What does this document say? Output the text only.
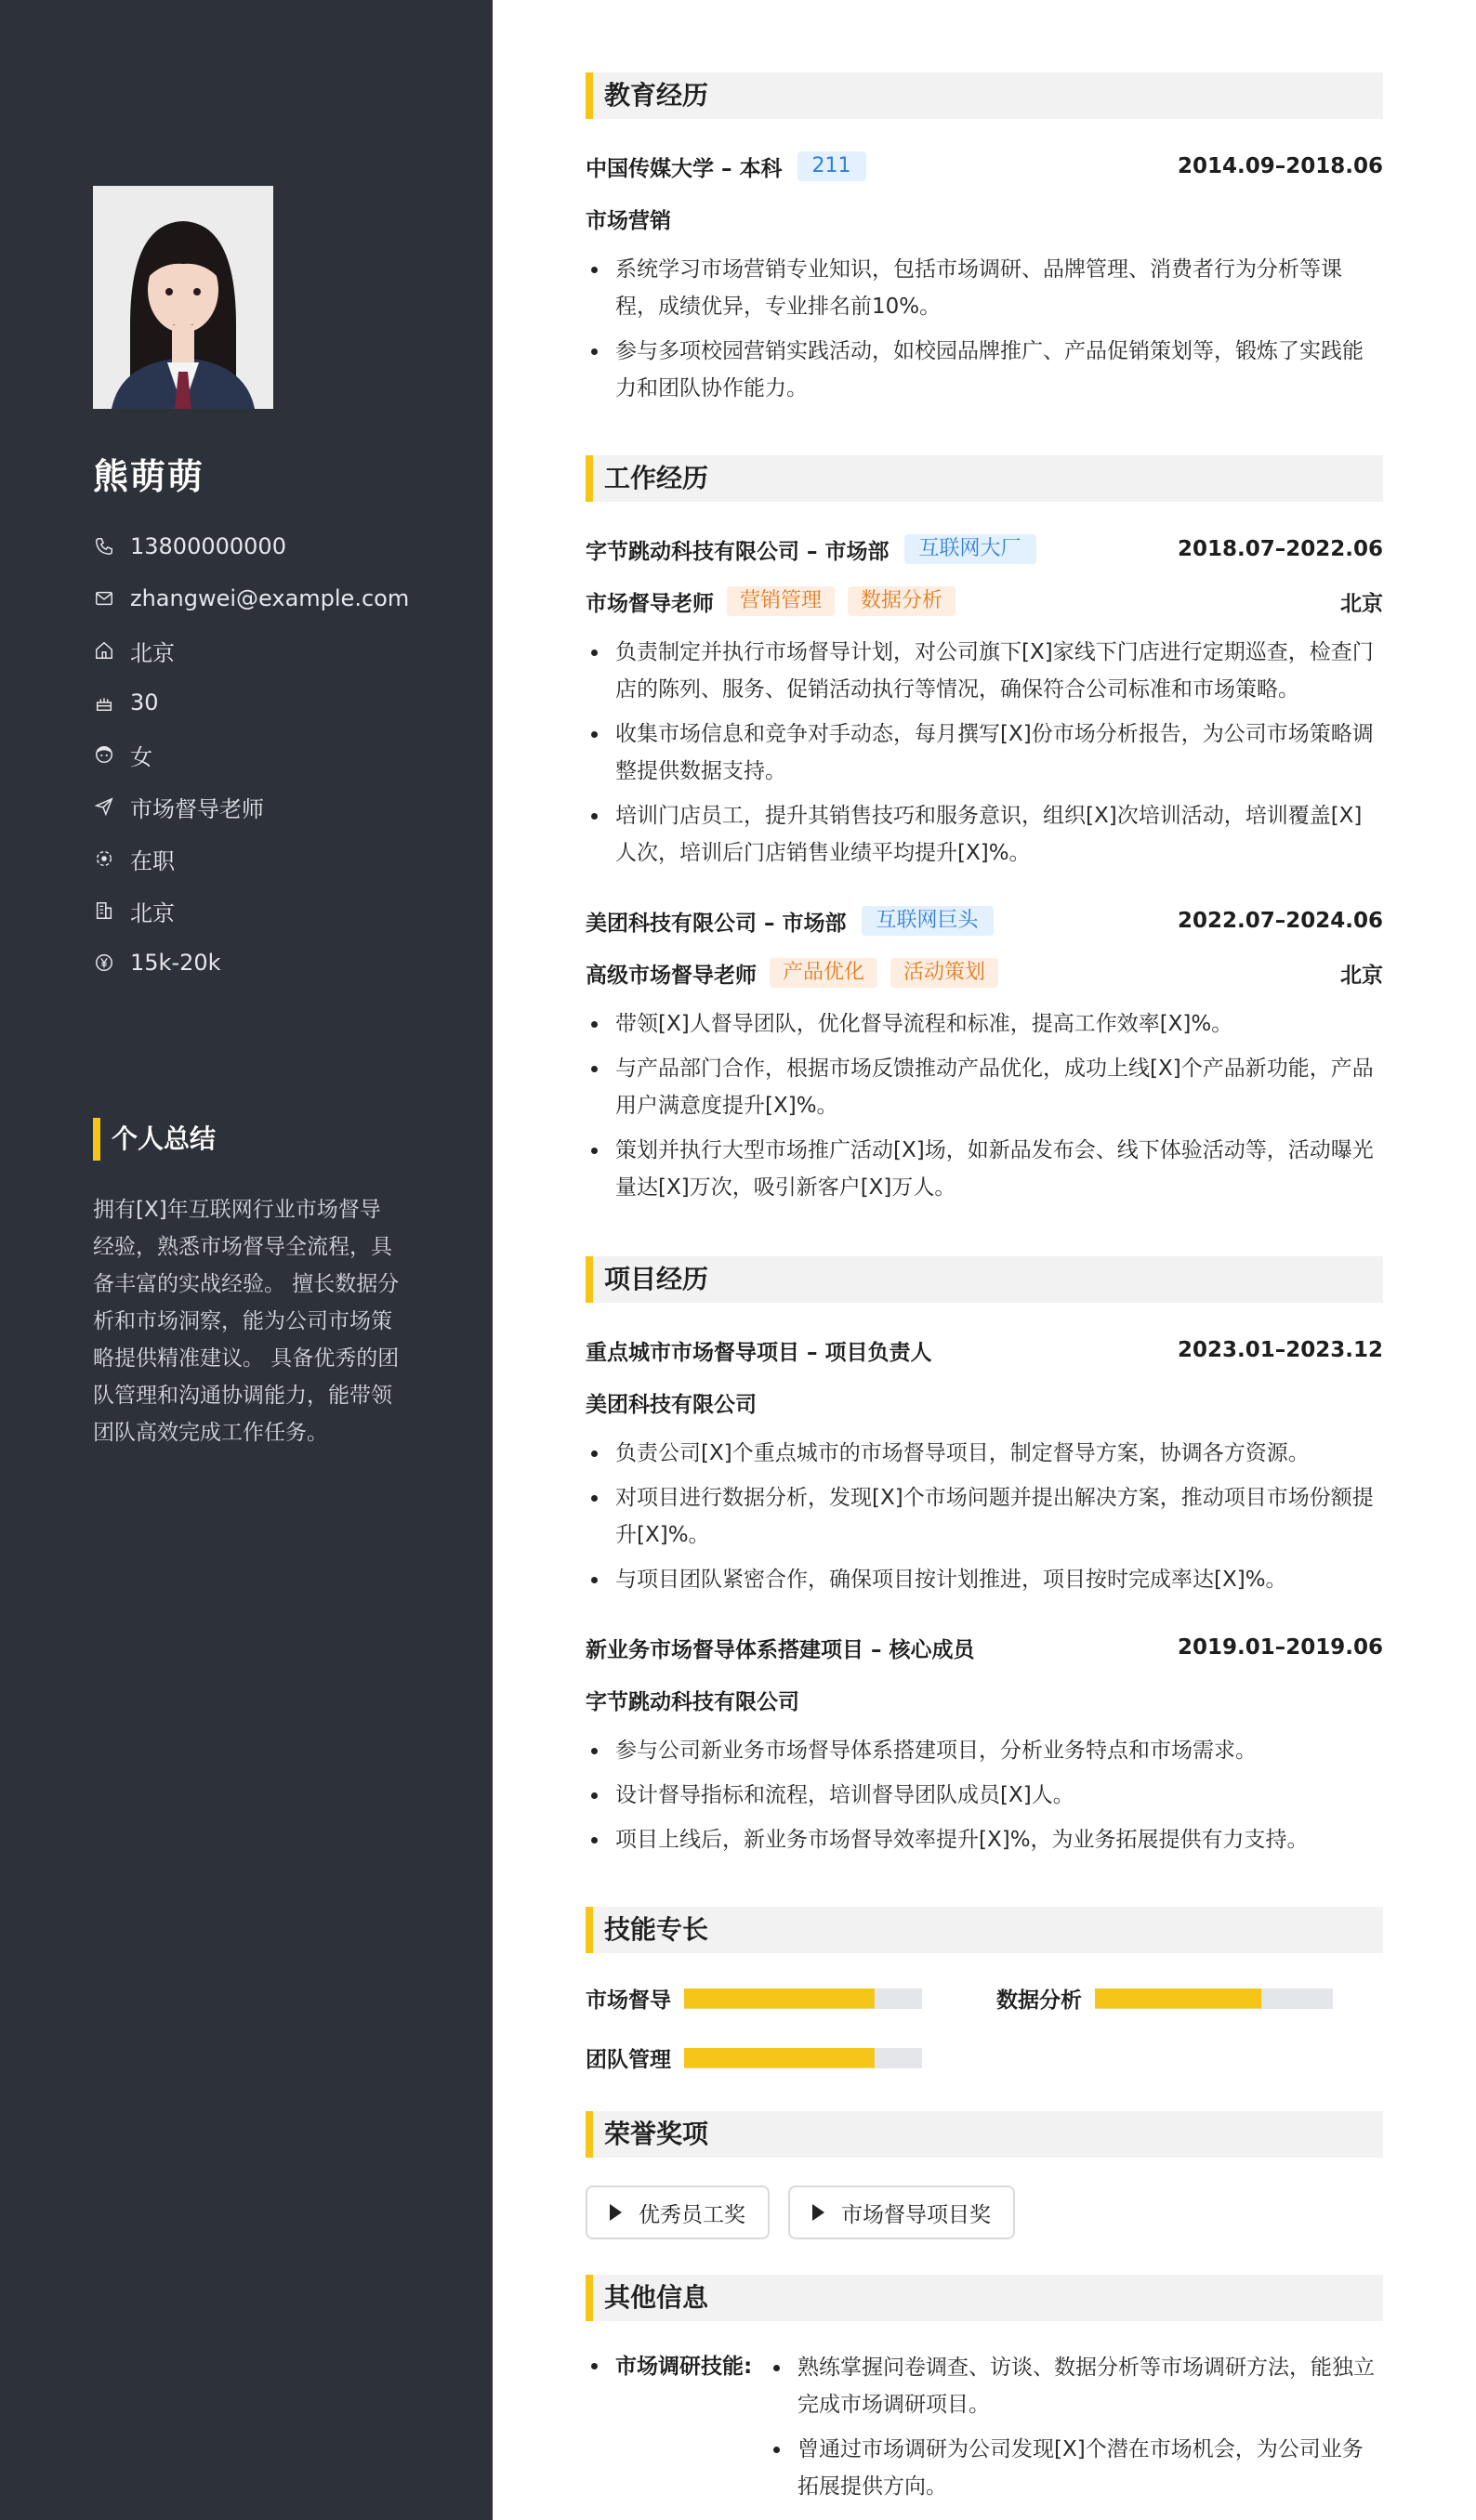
熊萌萌
13800000000
zhangwei@example.com
北京
30
女
市场督导老师
在职
北京
15k-20k
个人总结
拥有[X]年互联网行业市场督导经验，熟悉市场督导全流程，具备丰富的实战经验。 擅长数据分析和市场洞察，能为公司市场策略提供精准建议。 具备优秀的团队管理和沟通协调能力，能带领团队高效完成工作任务。
教育经历
中国传媒大学 – 本科	211	2014.09–2018.06
市场营销
系统学习市场营销专业知识，包括市场调研、品牌管理、消费者行为分析等课程，成绩优异，专业排名前10%。
参与多项校园营销实践活动，如校园品牌推广、产品促销策划等，锻炼了实践能力和团队协作能力。
工作经历
字节跳动科技有限公司 – 市场部	互联网大厂	2018.07–2022.06
市场督导老师	营销管理	数据分析	北京
负责制定并执行市场督导计划，对公司旗下[X]家线下门店进行定期巡查，检查门店的陈列、服务、促销活动执行等情况，确保符合公司标准和市场策略。
收集市场信息和竞争对手动态，每月撰写[X]份市场分析报告，为公司市场策略调整提供数据支持。
培训门店员工，提升其销售技巧和服务意识，组织[X]次培训活动，培训覆盖[X]人次，培训后门店销售业绩平均提升[X]%。
美团科技有限公司 – 市场部	互联网巨头	2022.07–2024.06
高级市场督导老师	产品优化	活动策划	北京
带领[X]人督导团队，优化督导流程和标准，提高工作效率[X]%。
与产品部门合作，根据市场反馈推动产品优化，成功上线[X]个产品新功能，产品用户满意度提升[X]%。
策划并执行大型市场推广活动[X]场，如新品发布会、线下体验活动等，活动曝光量达[X]万次，吸引新客户[X]万人。
项目经历
重点城市市场督导项目 – 项目负责人	2023.01–2023.12
美团科技有限公司
负责公司[X]个重点城市的市场督导项目，制定督导方案，协调各方资源。
对项目进行数据分析，发现[X]个市场问题并提出解决方案，推动项目市场份额提升[X]%。
与项目团队紧密合作，确保项目按计划推进，项目按时完成率达[X]%。
新业务市场督导体系搭建项目 – 核心成员	2019.01–2019.06
字节跳动科技有限公司
参与公司新业务市场督导体系搭建项目，分析业务特点和市场需求。
设计督导指标和流程，培训督导团队成员[X]人。
项目上线后，新业务市场督导效率提升[X]%，为业务拓展提供有力支持。
技能专长
市场督导	数据分析
团队管理
荣誉奖项
优秀员工奖	市场督导项目奖
其他信息
市场调研技能:	熟练掌握问卷调查、访谈、数据分析等市场调研方法，能独立完成市场调研项目。
曾通过市场调研为公司发现[X]个潜在市场机会，为公司业务拓展提供方向。
